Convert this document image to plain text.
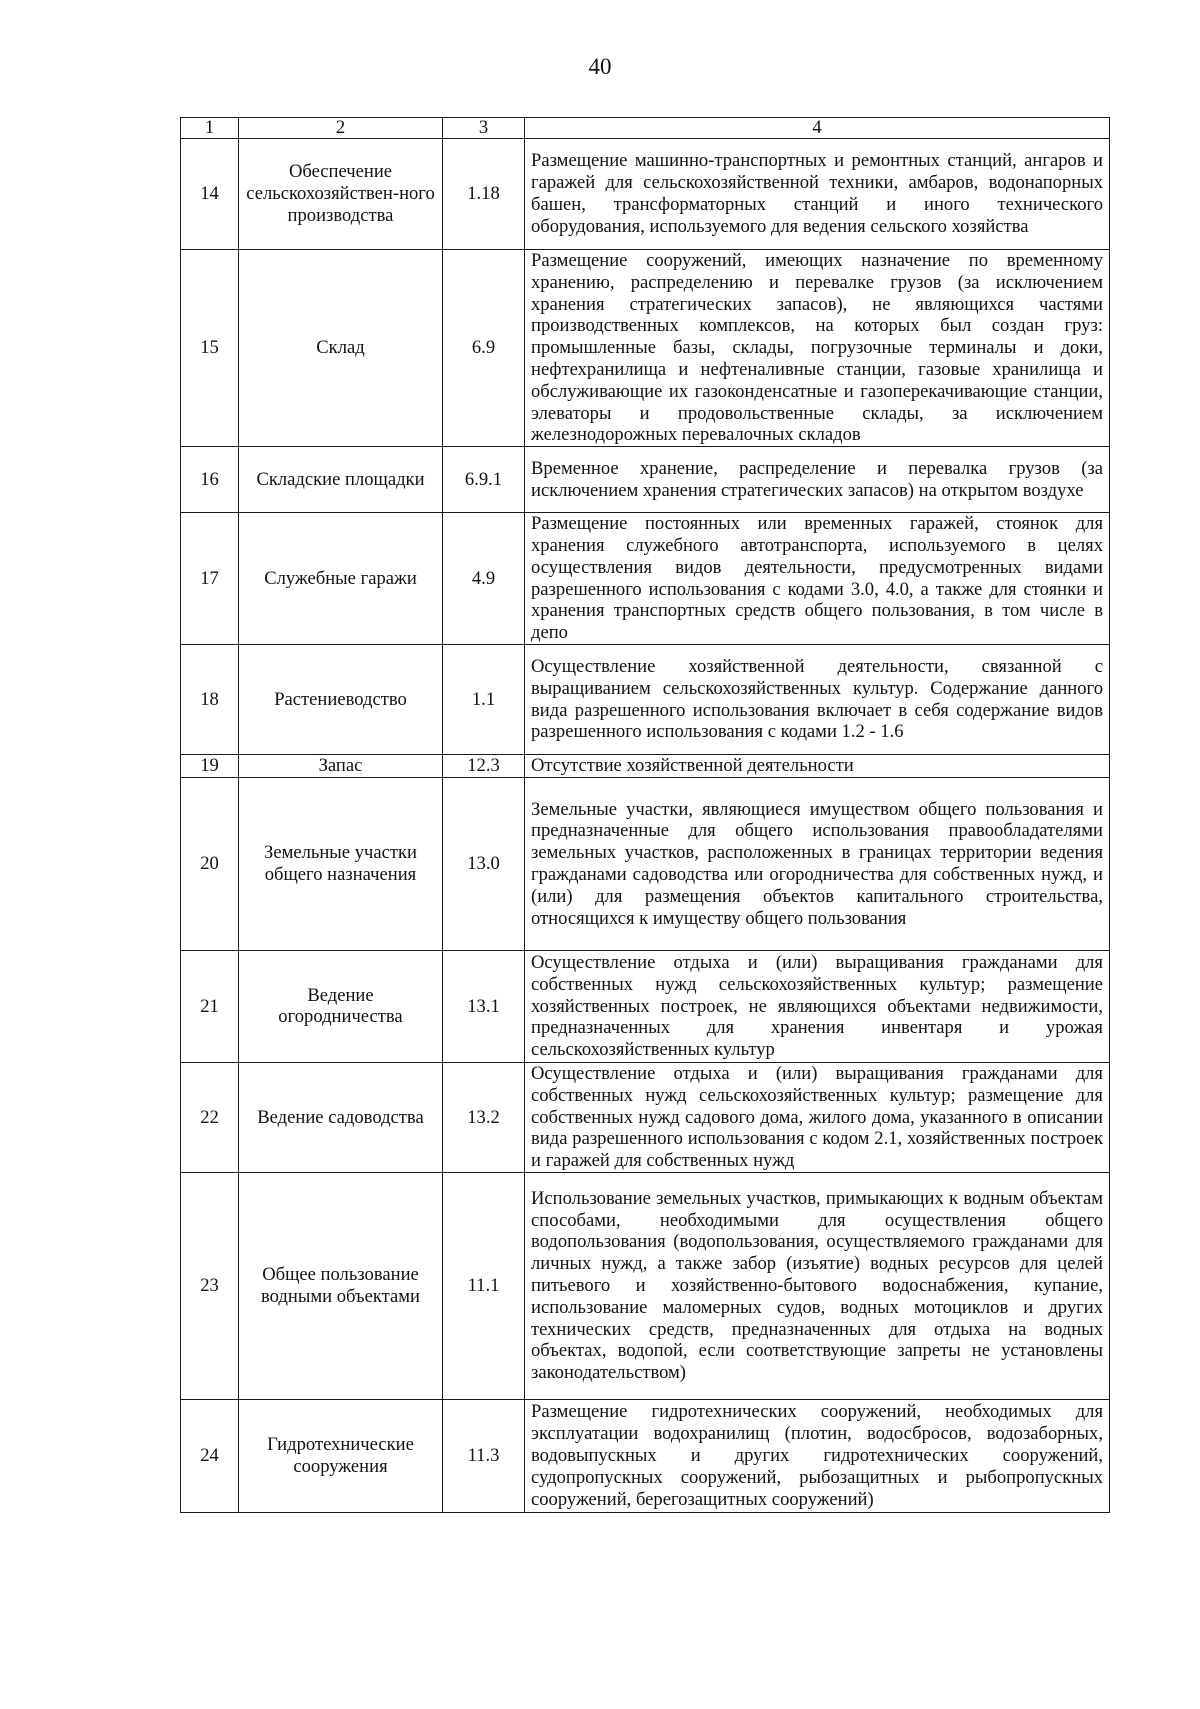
40
1	2	3	4
14	Обеспечение сельскохозяйствен-ного производства	1.18	Размещение машинно-транспортных и ремонтных станций, ангаров и гаражей для сельскохозяйственной техники, амбаров, водонапорных башен, трансформаторных станций и иного технического оборудования, используемого для ведения сельского хозяйства
15	Склад	6.9	Размещение сооружений, имеющих назначение по временному хранению, распределению и перевалке грузов (за исключением хранения стратегических запасов), не являющихся частями производственных комплексов, на которых был создан груз: промышленные базы, склады, погрузочные терминалы и доки, нефтехранилища и нефтеналивные станции, газовые хранилища и обслуживающие их газоконденсатные и газоперекачивающие станции, элеваторы и продовольственные склады, за исключением железнодорожных перевалочных складов
16	Складские площадки	6.9.1	Временное хранение, распределение и перевалка грузов (за исключением хранения стратегических запасов) на открытом воздухе
17	Служебные гаражи	4.9	Размещение постоянных или временных гаражей, стоянок для хранения служебного автотранспорта, используемого в целях осуществления видов деятельности, предусмотренных видами разрешенного использования с кодами 3.0, 4.0, а также для стоянки и хранения транспортных средств общего пользования, в том числе в депо
18	Растениеводство	1.1	Осуществление хозяйственной деятельности, связанной с выращиванием сельскохозяйственных культур. Содержание данного вида разрешенного использования включает в себя содержание видов разрешенного использования с кодами 1.2 - 1.6
19	Запас	12.3	Отсутствие хозяйственной деятельности
20	Земельные участки общего назначения	13.0	Земельные участки, являющиеся имуществом общего пользования и предназначенные для общего использования правообладателями земельных участков, расположенных в границах территории ведения гражданами садоводства или огородничества для собственных нужд, и (или) для размещения объектов капитального строительства, относящихся к имуществу общего пользования
21	Ведение огородничества	13.1	Осуществление отдыха и (или) выращивания гражданами для собственных нужд сельскохозяйственных культур; размещение хозяйственных построек, не являющихся объектами недвижимости, предназначенных для хранения инвентаря и урожая сельскохозяйственных культур
22	Ведение садоводства	13.2	Осуществление отдыха и (или) выращивания гражданами для собственных нужд сельскохозяйственных культур; размещение для собственных нужд садового дома, жилого дома, указанного в описании вида разрешенного использования с кодом 2.1, хозяйственных построек и гаражей для собственных нужд
23	Общее пользование водными объектами	11.1	Использование земельных участков, примыкающих к водным объектам способами, необходимыми для осуществления общего водопользования (водопользования, осуществляемого гражданами для личных нужд, а также забор (изъятие) водных ресурсов для целей питьевого и хозяйственно-бытового водоснабжения, купание, использование маломерных судов, водных мотоциклов и других технических средств, предназначенных для отдыха на водных объектах, водопой, если соответствующие запреты не установлены законодательством)
24	Гидротехнические сооружения	11.3	Размещение гидротехнических сооружений, необходимых для эксплуатации водохранилищ (плотин, водосбросов, водозаборных, водовыпускных и других гидротехнических сооружений, судопропускных сооружений, рыбозащитных и рыбопропускных сооружений, берегозащитных сооружений)
